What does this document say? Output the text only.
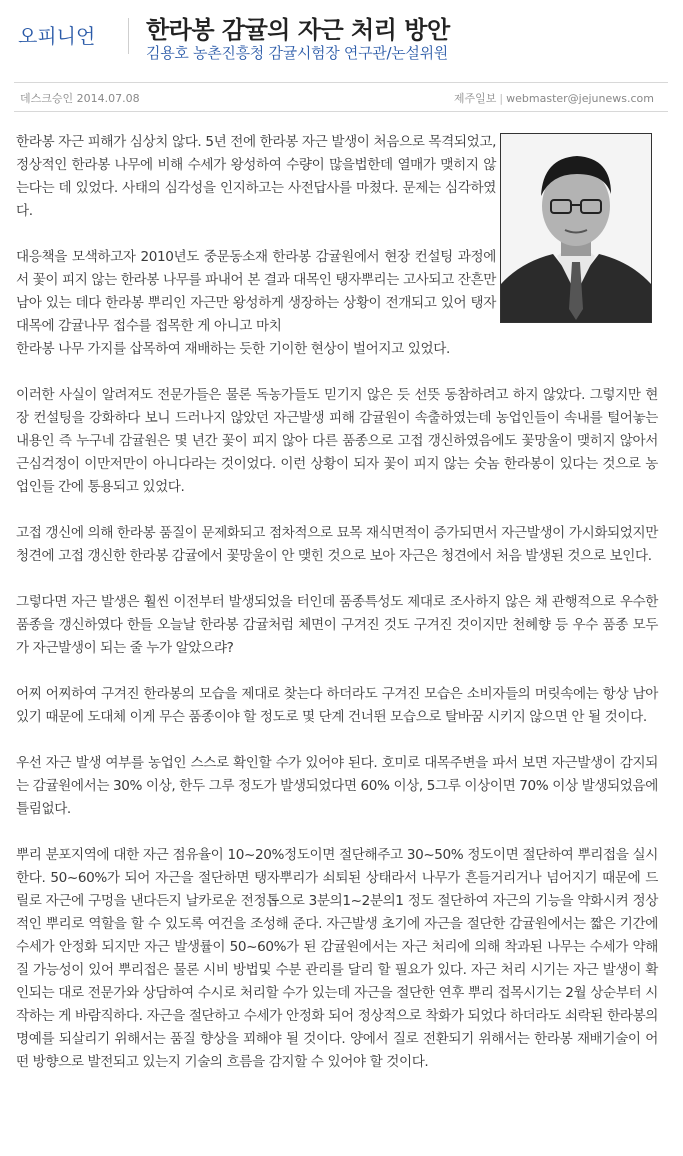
오피니언	한라봉 감귤의 자근 처리 방안
김용호 농촌진흥청 감귤시험장 연구관/논설위원
데스크승인 2014.07.08	제주일보 | webmaster@jejunews.com

한라봉 자근 피해가 심상치 않다. 5년 전에 한라봉 자근 발생이 처음으로 목격되었고, 정상적인 한라봉 나무에 비해 수세가 왕성하여 수량이 많을법한데 열매가 맺히지 않는다는 데 있었다. 사태의 심각성을 인지하고는 사전답사를 마쳤다. 문제는 심각하였다.

대응책을 모색하고자 2010년도 중문동소재 한라봉 감귤원에서 현장 컨설팅 과정에서 꽃이 피지 않는 한라봉 나무를 파내어 본 결과 대목인 탱자뿌리는 고사되고 잔흔만 남아 있는 데다 한라봉 뿌리인 자근만 왕성하게 생장하는 상황이 전개되고 있어 탱자대목에 감귤나무 접수를 접목한 게 아니고 마치

한라봉 나무 가지를 삽목하여 재배하는 듯한 기이한 현상이 벌어지고 있었다.

이러한 사실이 알려져도 전문가들은 물론 독농가들도 믿기지 않은 듯 선뜻 동참하려고 하지 않았다. 그렇지만 현장 컨설팅을 강화하다 보니 드러나지 않았던 자근발생 피해 감귤원이 속출하였는데 농업인들이 속내를 털어놓는 내용인 즉 누구네 감귤원은 몇 년간 꽃이 피지 않아 다른 품종으로 고접 갱신하였음에도 꽃망울이 맺히지 않아서 근심걱정이 이만저만이 아니다라는 것이었다. 이런 상황이 되자 꽃이 피지 않는 숫놈 한라봉이 있다는 것으로 농업인들 간에 통용되고 있었다.

고접 갱신에 의해 한라봉 품질이 문제화되고 점차적으로 묘목 재식면적이 증가되면서 자근발생이 가시화되었지만 청견에 고접 갱신한 한라봉 감귤에서 꽃망울이 안 맺힌 것으로 보아 자근은 청견에서 처음 발생된 것으로 보인다.

그렇다면 자근 발생은 훨씬 이전부터 발생되었을 터인데 품종특성도 제대로 조사하지 않은 채 관행적으로 우수한 품종을 갱신하였다 한들 오늘날 한라봉 감귤처럼 체면이 구겨진 것도 구겨진 것이지만 천혜향 등 우수 품종 모두가 자근발생이 되는 줄 누가 알았으랴?

어찌 어찌하여 구겨진 한라봉의 모습을 제대로 찾는다 하더라도 구겨진 모습은 소비자들의 머릿속에는 항상 남아 있기 때문에 도대체 이게 무슨 품종이야 할 정도로 몇 단계 건너뛴 모습으로 탈바꿈 시키지 않으면 안 될 것이다.

우선 자근 발생 여부를 농업인 스스로 확인할 수가 있어야 된다. 호미로 대목주변을 파서 보면 자근발생이 감지되는 감귤원에서는 30% 이상, 한두 그루 정도가 발생되었다면 60% 이상, 5그루 이상이면 70% 이상 발생되었음에 틀림없다.

뿌리 분포지역에 대한 자근 점유율이 10~20%정도이면 절단해주고 30~50% 정도이면 절단하여 뿌리접을 실시한다. 50~60%가 되어 자근을 절단하면 탱자뿌리가 쇠퇴된 상태라서 나무가 흔들거리거나 넘어지기 때문에 드릴로 자근에 구멍을 낸다든지 날카로운 전정톱으로 3분의1~2분의1 정도 절단하여 자근의 기능을 약화시켜 정상적인 뿌리로 역할을 할 수 있도록 여건을 조성해 준다. 자근발생 초기에 자근을 절단한 감귤원에서는 짧은 기간에 수세가 안정화 되지만 자근 발생률이 50~60%가 된 감귤원에서는 자근 처리에 의해 착과된 나무는 수세가 약해질 가능성이 있어 뿌리접은 물론 시비 방법및 수분 관리를 달리 할 필요가 있다. 자근 처리 시기는 자근 발생이 확인되는 대로 전문가와 상담하여 수시로 처리할 수가 있는데 자근을 절단한 연후 뿌리 접목시기는 2월 상순부터 시작하는 게 바람직하다. 자근을 절단하고 수세가 안정화 되어 정상적으로 착화가 되었다 하더라도 쇠락된 한라봉의 명예를 되살리기 위해서는 품질 향상을 꾀해야 될 것이다. 양에서 질로 전환되기 위해서는 한라봉 재배기술이 어떤 방향으로 발전되고 있는지 기술의 흐름을 감지할 수 있어야 할 것이다.
